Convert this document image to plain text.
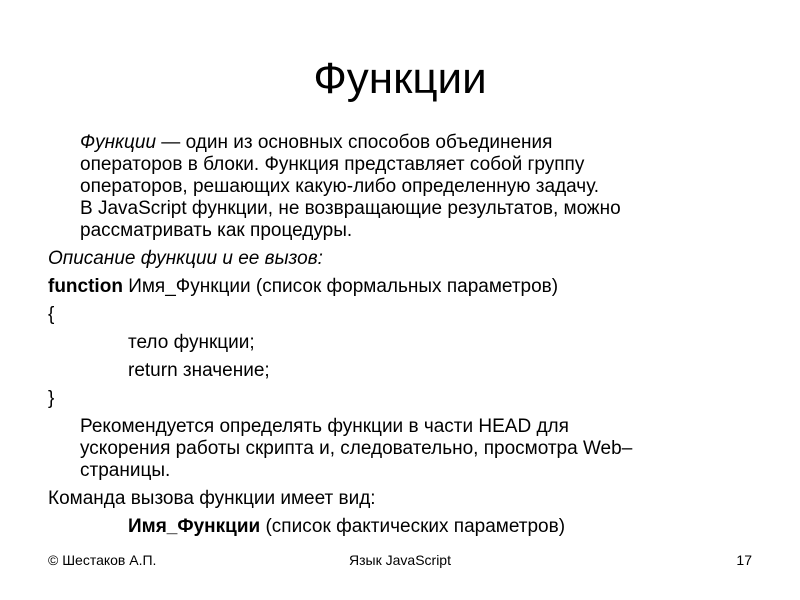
Функции
Функции — один из основных способов объединения
операторов в блоки. Функция представляет собой группу
операторов, решающих какую-либо определенную задачу.
В JavaScript функции, не возвращающие результатов, можно
рассматривать как процедуры.
Описание функции и ее вызов:
function Имя_Функции (список формальных параметров)
{
тело функции;
return значение;
}
Рекомендуется определять функции в части HEAD для
ускорения работы скрипта и, следовательно, просмотра Web–
страницы.
Команда вызова функции имеет вид:
Имя_Функции (список фактических параметров)
Язык JavaScript
© Шестаков А.П.	17
